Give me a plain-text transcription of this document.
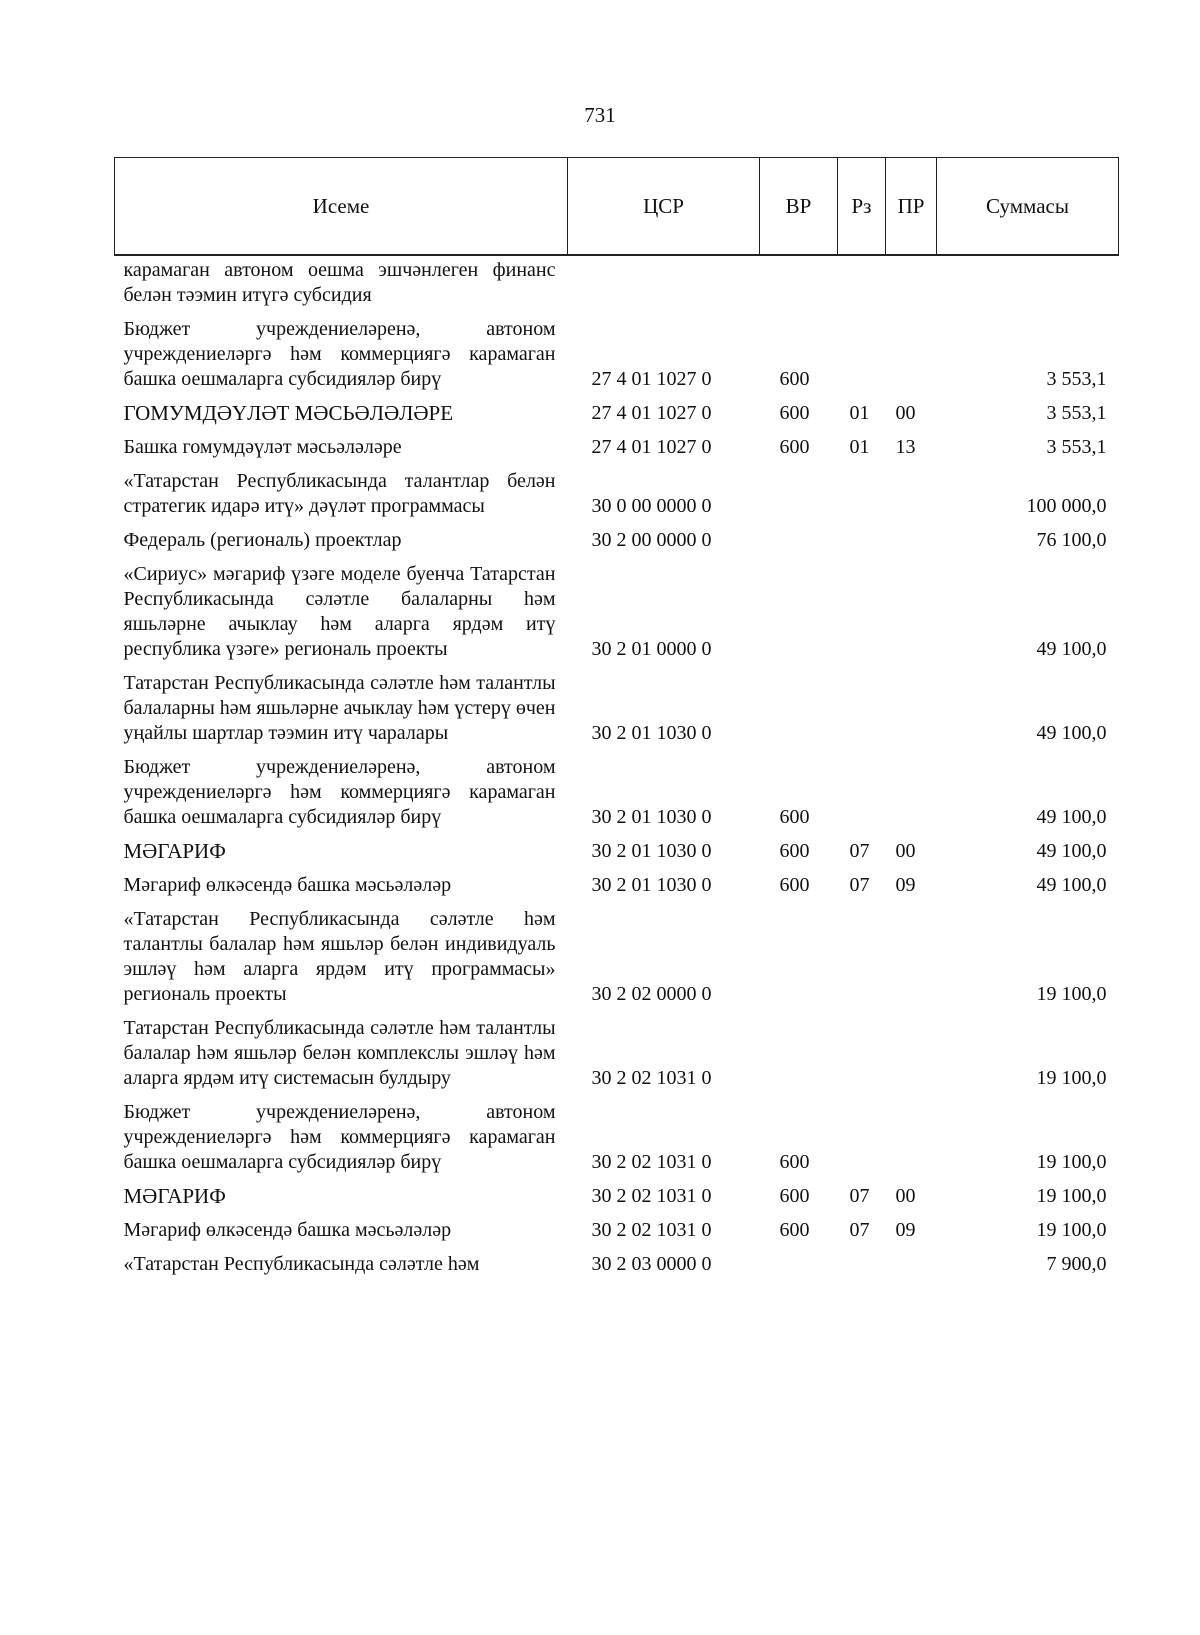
731
Исеме	ЦСР	ВР	Рз	ПР	Суммасы
карамаган автоном оешма эшчәнлеген финанс белән тәэмин итүгә субсидия					
Бюджет учреждениеләренә, автоном учреждениеләргә һәм коммерциягә карамаган башка оешмаларга субсидияләр бирү	27 4 01 1027 0	600			3 553,1
ГОМУМДӘҮЛӘТ МӘСЬӘЛӘЛӘРЕ	27 4 01 1027 0	600	01	00	3 553,1
Башка гомумдәүләт мәсьәләләре	27 4 01 1027 0	600	01	13	3 553,1
«Татарстан Республикасында талантлар белән стратегик идарә итү» дәүләт программасы	30 0 00 0000 0				100 000,0
Федераль (региональ) проектлар	30 2 00 0000 0				76 100,0
«Сириус» мәгариф үзәге моделе буенча Татарстан Республикасында сәләтле балаларны һәм яшьләрне ачыклау һәм аларга ярдәм итү республика үзәге» региональ проекты	30 2 01 0000 0				49 100,0
Татарстан Республикасында сәләтле һәм талантлы балаларны һәм яшьләрне ачыклау һәм үстерү өчен уңайлы шартлар тәэмин итү чаралары	30 2 01 1030 0				49 100,0
Бюджет учреждениеләренә, автоном учреждениеләргә һәм коммерциягә карамаган башка оешмаларга субсидияләр бирү	30 2 01 1030 0	600			49 100,0
МӘГАРИФ	30 2 01 1030 0	600	07	00	49 100,0
Мәгариф өлкәсендә башка мәсьәләләр	30 2 01 1030 0	600	07	09	49 100,0
«Татарстан Республикасында сәләтле һәм талантлы балалар һәм яшьләр белән индивидуаль эшләү һәм аларга ярдәм итү программасы» региональ проекты	30 2 02 0000 0				19 100,0
Татарстан Республикасында сәләтле һәм талантлы балалар һәм яшьләр белән комплекслы эшләү һәм аларга ярдәм итү системасын булдыру	30 2 02 1031 0				19 100,0
Бюджет учреждениеләренә, автоном учреждениеләргә һәм коммерциягә карамаган башка оешмаларга субсидияләр бирү	30 2 02 1031 0	600			19 100,0
МӘГАРИФ	30 2 02 1031 0	600	07	00	19 100,0
Мәгариф өлкәсендә башка мәсьәләләр	30 2 02 1031 0	600	07	09	19 100,0
«Татарстан Республикасында сәләтле һәм	30 2 03 0000 0				7 900,0
